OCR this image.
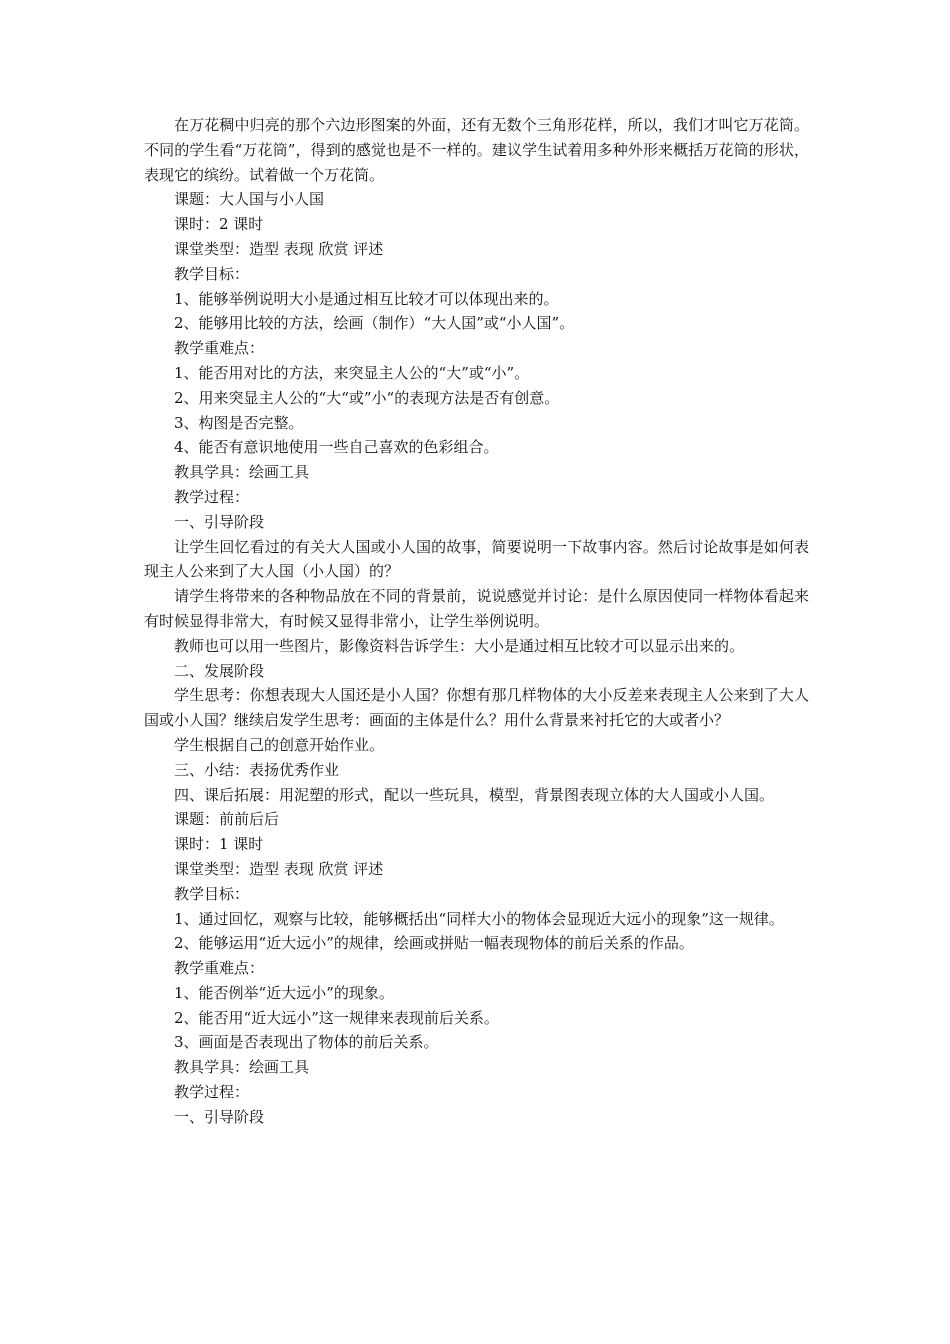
在万花稠中归亮的那个六边形图案的外面，还有无数个三角形花样，所以，我们才叫它万花筒。不同的学生看“万花筒”，得到的感觉也是不一样的。建议学生试着用多种外形来概括万花筒的形状，表现它的缤纷。试着做一个万花筒。

课题：大人国与小人国

课时：2 课时

课堂类型：造型 表现 欣赏 评述

教学目标：

1、能够举例说明大小是通过相互比较才可以体现出来的。

2、能够用比较的方法，绘画（制作）“大人国”或“小人国”。

教学重难点：

1、能否用对比的方法，来突显主人公的“大”或“小”。

2、用来突显主人公的“大“或”小“的表现方法是否有创意。

3、构图是否完整。

4、能否有意识地使用一些自己喜欢的色彩组合。

教具学具：绘画工具

教学过程：

一、引导阶段

让学生回忆看过的有关大人国或小人国的故事，简要说明一下故事内容。然后讨论故事是如何表现主人公来到了大人国（小人国）的？

请学生将带来的各种物品放在不同的背景前，说说感觉并讨论：是什么原因使同一样物体看起来有时候显得非常大，有时候又显得非常小，让学生举例说明。

教师也可以用一些图片，影像资料告诉学生：大小是通过相互比较才可以显示出来的。

二、发展阶段

学生思考：你想表现大人国还是小人国？你想有那几样物体的大小反差来表现主人公来到了大人国或小人国？继续启发学生思考：画面的主体是什么？用什么背景来衬托它的大或者小？

学生根据自己的创意开始作业。

三、小结：表扬优秀作业

四、课后拓展：用泥塑的形式，配以一些玩具，模型，背景图表现立体的大人国或小人国。

课题：前前后后

课时：1 课时

课堂类型：造型 表现 欣赏 评述

教学目标：

1、通过回忆，观察与比较，能够概括出“同样大小的物体会显现近大远小的现象”这一规律。

2、能够运用“近大远小”的规律，绘画或拼贴一幅表现物体的前后关系的作品。

教学重难点：

1、能否例举“近大远小”的现象。

2、能否用“近大远小”这一规律来表现前后关系。

3、画面是否表现出了物体的前后关系。

教具学具：绘画工具

教学过程：

一、引导阶段
